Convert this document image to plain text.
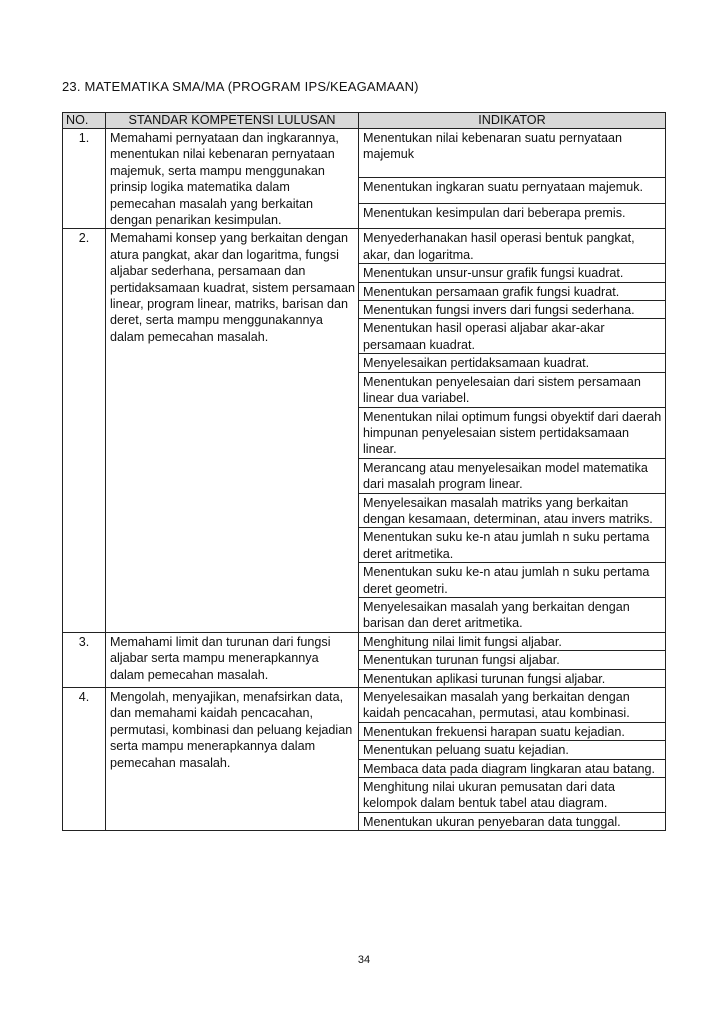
23. MATEMATIKA SMA/MA (PROGRAM IPS/KEAGAMAAN)
NO.	STANDAR KOMPETENSI LULUSAN	INDIKATOR
1.	Memahami pernyataan dan ingkarannya, menentukan nilai kebenaran pernyataan majemuk, serta mampu menggunakan prinsip logika matematika dalam pemecahan masalah yang berkaitan dengan penarikan kesimpulan.	Menentukan nilai kebenaran suatu pernyataan majemuk
		Menentukan ingkaran suatu pernyataan majemuk.
		Menentukan kesimpulan dari beberapa premis.
2.	Memahami konsep yang berkaitan dengan atura pangkat, akar dan logaritma, fungsi aljabar sederhana, persamaan dan pertidaksamaan kuadrat, sistem persamaan linear, program linear, matriks, barisan dan deret, serta mampu menggunakannya dalam pemecahan masalah.	Menyederhanakan hasil operasi bentuk pangkat, akar, dan logaritma.
		Menentukan unsur-unsur grafik fungsi kuadrat.
		Menentukan persamaan grafik fungsi kuadrat.
		Menentukan fungsi invers dari fungsi sederhana.
		Menentukan hasil operasi aljabar akar-akar persamaan kuadrat.
		Menyelesaikan pertidaksamaan kuadrat.
		Menentukan penyelesaian dari sistem persamaan linear dua variabel.
		Menentukan nilai optimum fungsi obyektif dari daerah himpunan penyelesaian sistem pertidaksamaan linear.
		Merancang atau menyelesaikan model matematika dari masalah program linear.
		Menyelesaikan masalah matriks yang berkaitan dengan kesamaan, determinan, atau invers matriks.
		Menentukan suku ke-n atau jumlah n suku pertama deret aritmetika.
		Menentukan suku ke-n atau jumlah n suku pertama deret geometri.
		Menyelesaikan masalah yang berkaitan dengan barisan dan deret aritmetika.
3.	Memahami limit dan turunan dari fungsi aljabar serta mampu menerapkannya dalam pemecahan masalah.	Menghitung nilai limit fungsi aljabar.
		Menentukan turunan fungsi aljabar.
		Menentukan aplikasi turunan fungsi aljabar.
4.	Mengolah, menyajikan, menafsirkan data, dan memahami kaidah pencacahan, permutasi, kombinasi dan peluang kejadian serta mampu menerapkannya dalam pemecahan masalah.	Menyelesaikan masalah yang berkaitan dengan kaidah pencacahan, permutasi, atau kombinasi.
		Menentukan frekuensi harapan suatu kejadian.
		Menentukan peluang suatu kejadian.
		Membaca data pada diagram lingkaran atau batang.
		Menghitung nilai ukuran pemusatan dari data kelompok dalam bentuk tabel atau diagram.
		Menentukan ukuran penyebaran data tunggal.
34
